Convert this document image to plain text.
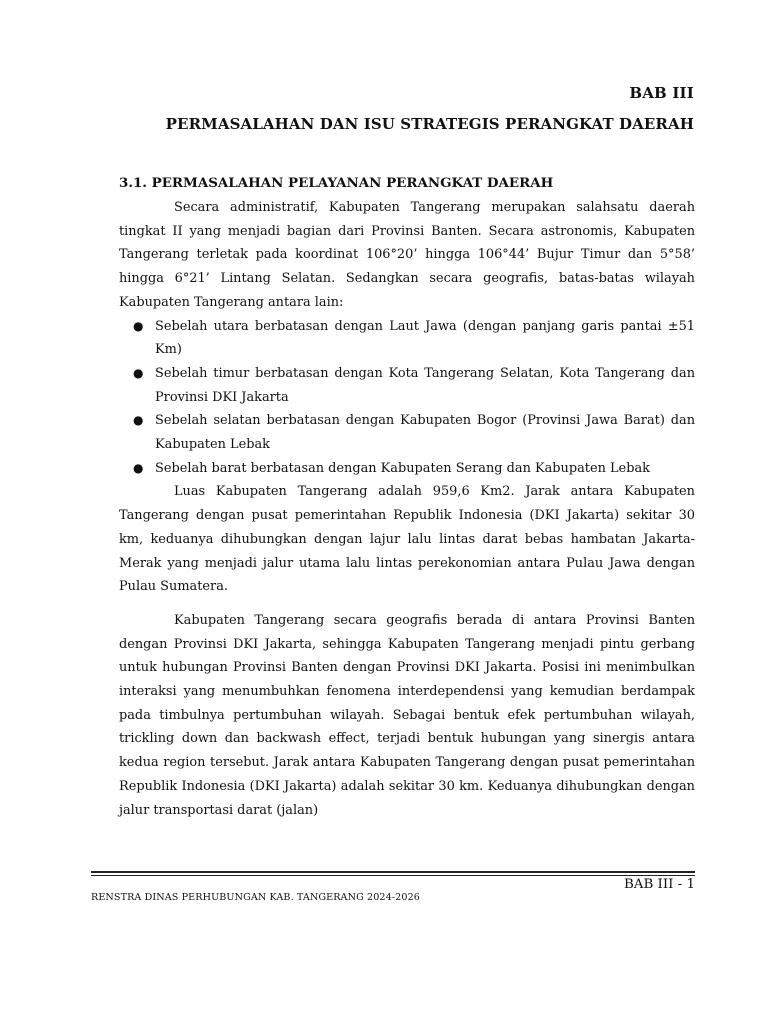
BAB III
PERMASALAHAN DAN ISU STRATEGIS PERANGKAT DAERAH
3.1. PERMASALAHAN PELAYANAN PERANGKAT DAERAH

Secara administratif, Kabupaten Tangerang merupakan salahsatu daerah tingkat II yang menjadi bagian dari Provinsi Banten. Secara astronomis, Kabupaten Tangerang terletak pada koordinat 106°20’ hingga 106°44’ Bujur Timur dan 5°58’ hingga 6°21’ Lintang Selatan. Sedangkan secara geografis, batas-batas wilayah Kabupaten Tangerang antara lain:

● Sebelah utara berbatasan dengan Laut Jawa (dengan panjang garis pantai ±51 Km)
● Sebelah timur berbatasan dengan Kota Tangerang Selatan, Kota Tangerang dan Provinsi DKI Jakarta
● Sebelah selatan berbatasan dengan Kabupaten Bogor (Provinsi Jawa Barat) dan Kabupaten Lebak
● Sebelah barat berbatasan dengan Kabupaten Serang dan Kabupaten Lebak

Luas Kabupaten Tangerang adalah 959,6 Km2. Jarak antara Kabupaten Tangerang dengan pusat pemerintahan Republik Indonesia (DKI Jakarta) sekitar 30 km, keduanya dihubungkan dengan lajur lalu lintas darat bebas hambatan Jakarta-Merak yang menjadi jalur utama lalu lintas perekonomian antara Pulau Jawa dengan Pulau Sumatera.

Kabupaten Tangerang secara geografis berada di antara Provinsi Banten dengan Provinsi DKI Jakarta, sehingga Kabupaten Tangerang menjadi pintu gerbang untuk hubungan Provinsi Banten dengan Provinsi DKI Jakarta. Posisi ini menimbulkan interaksi yang menumbuhkan fenomena interdependensi yang kemudian berdampak pada timbulnya pertumbuhan wilayah. Sebagai bentuk efek pertumbuhan wilayah, trickling down dan backwash effect, terjadi bentuk hubungan yang sinergis antara kedua region tersebut. Jarak antara Kabupaten Tangerang dengan pusat pemerintahan Republik Indonesia (DKI Jakarta) adalah sekitar 30 km. Keduanya dihubungkan dengan jalur transportasi darat (jalan)

BAB III - 1
RENSTRA DINAS PERHUBUNGAN KAB. TANGERANG 2024-2026
